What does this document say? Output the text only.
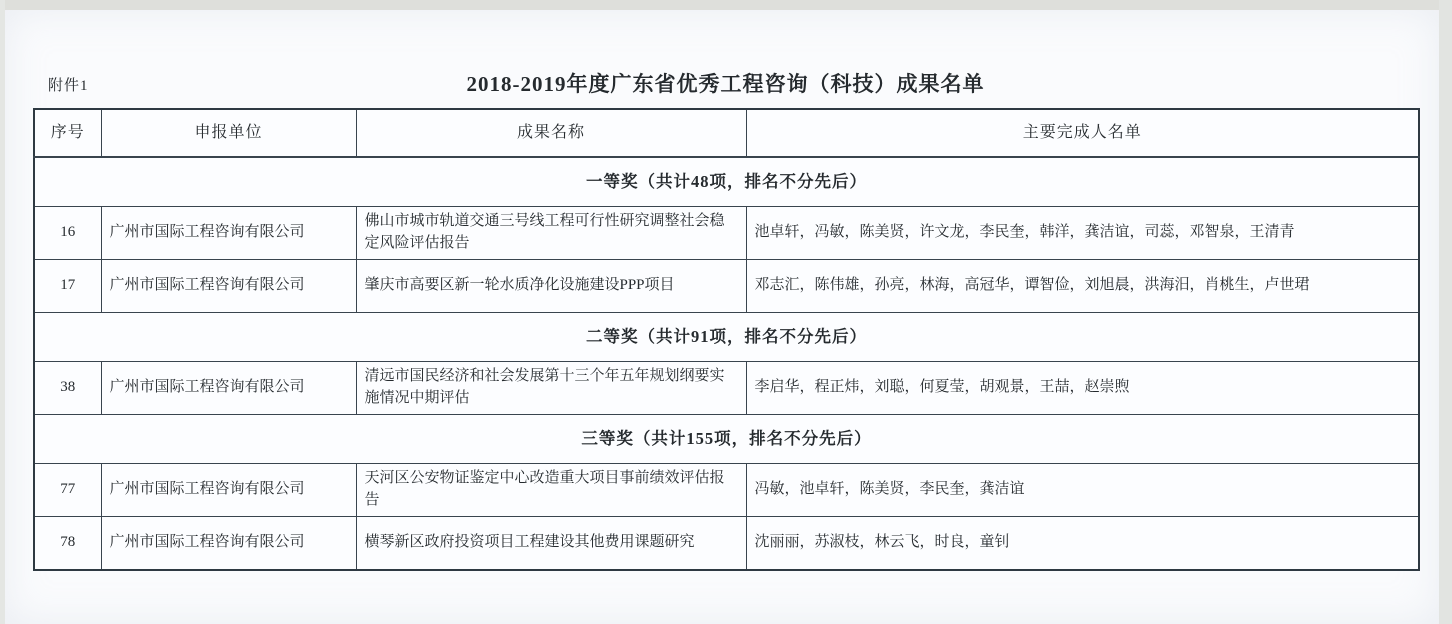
附件1	2018-2019年度广东省优秀工程咨询（科技）成果名单
序号	申报单位	成果名称	主要完成人名单
一等奖（共计48项，排名不分先后）			
16	广州市国际工程咨询有限公司	佛山市城市轨道交通三号线工程可行性研究调整社会稳定风险评估报告	池卓轩，冯敏，陈美贤，许文龙，李民奎，韩洋，龚洁谊，司蕊，邓智泉，王清青
17	广州市国际工程咨询有限公司	肇庆市高要区新一轮水质净化设施建设PPP项目	邓志汇，陈伟雄，孙亮，林海，高冠华，谭智俭，刘旭晨，洪海汨，肖桃生，卢世珺
二等奖（共计91项，排名不分先后）			
38	广州市国际工程咨询有限公司	清远市国民经济和社会发展第十三个年五年规划纲要实施情况中期评估	李启华，程正炜，刘聪，何夏莹，胡观景，王喆，赵崇煦
三等奖（共计155项，排名不分先后）			
77	广州市国际工程咨询有限公司	天河区公安物证鉴定中心改造重大项目事前绩效评估报告	冯敏，池卓轩，陈美贤，李民奎，龚洁谊
78	广州市国际工程咨询有限公司	横琴新区政府投资项目工程建设其他费用课题研究	沈丽丽，苏淑枝，林云飞，时良，童钊
